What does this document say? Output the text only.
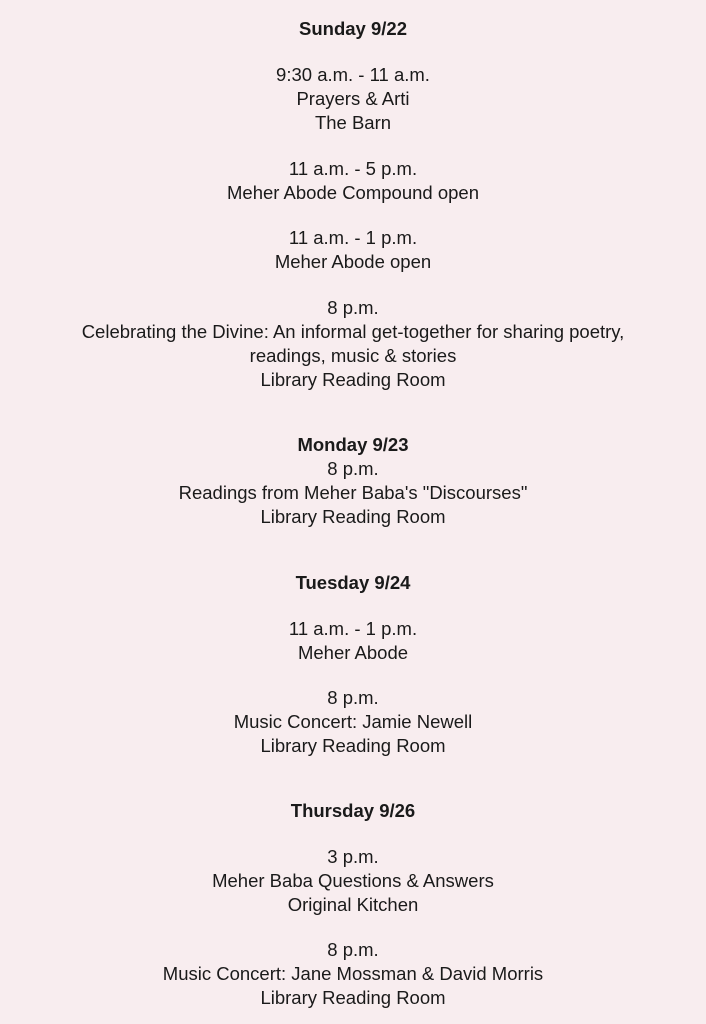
Sunday 9/22
9:30 a.m. - 11 a.m.
Prayers & Arti
The Barn
11 a.m. - 5 p.m.
Meher Abode Compound open
11 a.m. - 1 p.m.
Meher Abode open
8 p.m.
Celebrating the Divine: An informal get-together for sharing poetry,
readings, music & stories
Library Reading Room
Monday 9/23
8 p.m.
Readings from Meher Baba's "Discourses"
Library Reading Room
Tuesday 9/24
11 a.m. - 1 p.m.
Meher Abode
8 p.m.
Music Concert: Jamie Newell
Library Reading Room
Thursday 9/26
3 p.m.
Meher Baba Questions & Answers
Original Kitchen
8 p.m.
Music Concert: Jane Mossman & David Morris
Library Reading Room
